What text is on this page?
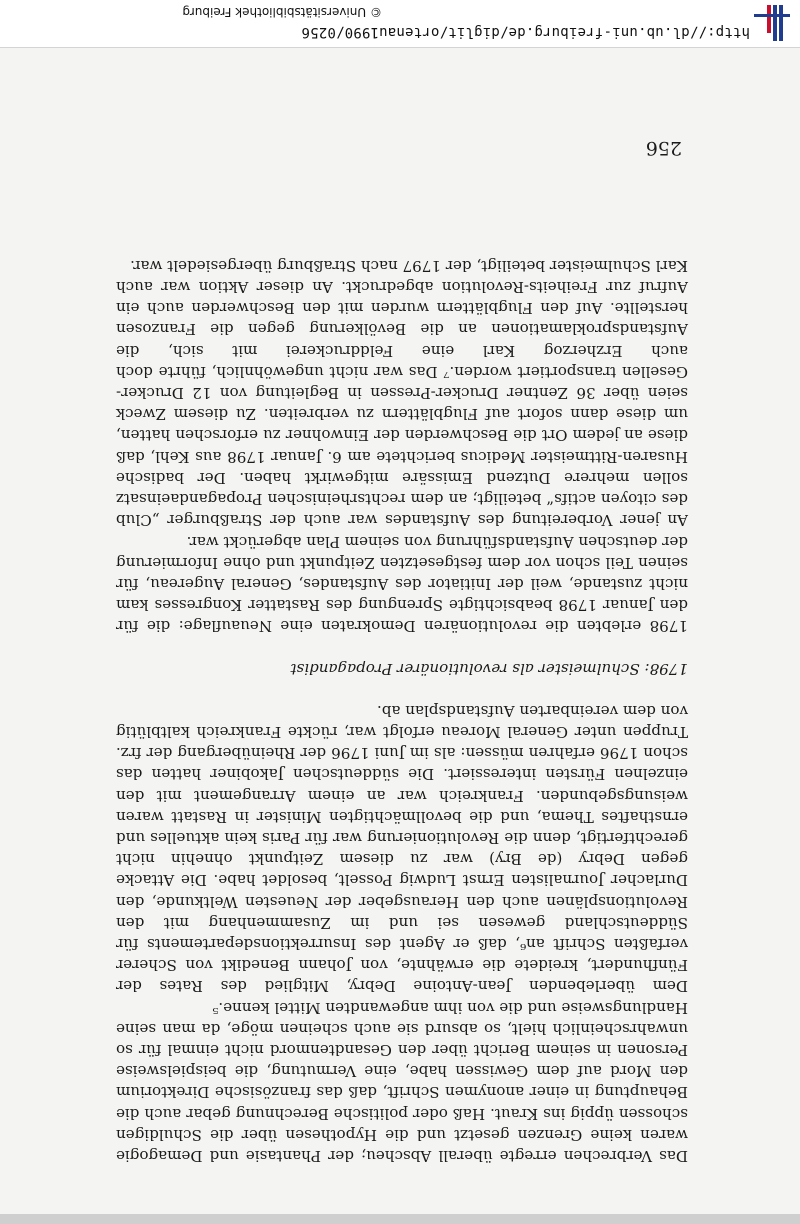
Das Verbrechen erregte überall Abscheu; der Phantasie und Demagogie waren keine Grenzen gesetzt und die Hypothesen über die Schuldigen schossen üppig ins Kraut. Haß oder politische Berechnung gebar auch die Behauptung in einer anonymen Schrift, daß das französische Direktorium den Mord auf dem Gewissen habe, eine Vermutung, die beispielsweise Personen in seinem Bericht über den Gesandtenmord nicht einmal für so unwahrscheinlich hielt, so absurd sie auch scheinen möge, da man seine Handlungsweise und die von ihm angewandten Mittel kenne.⁵

Dem überlebenden Jean-Antoine Debry, Mitglied des Rates der Fünfhundert, kreidete die erwähnte, von Johann Benedikt von Scherer verfaßten Schrift an⁶, daß er Agent des Insurrektionsdepartements für Süddeutschland gewesen sei und im Zusammenhang mit den Revolutionsplänen auch den Herausgeber der Neuesten Weltkunde, den Durlacher Journalisten Ernst Ludwig Posselt, besoldet habe. Die Attacke gegen Debry (de Bry) war zu diesem Zeitpunkt ohnehin nicht gerechtfertigt, denn die Revolutionierung war für Paris kein aktuelles und ernsthaftes Thema, und die bevollmächtigten Minister in Rastatt waren weisungsgebunden. Frankreich war an einem Arrangement mit den einzelnen Fürsten interessiert. Die süddeutschen Jakobiner hatten das schon 1796 erfahren müssen: als im Juni 1796 der Rheinübergang der frz. Truppen unter General Moreau erfolgt war, rückte Frankreich kaltblütig von dem vereinbarten Aufstandsplan ab.

1798: Schulmeister als revolutionärer Propagandist

1798 erlebten die revolutionären Demokraten eine Neuauflage: die für den Januar 1798 beabsichtigte Sprengung des Rastatter Kongresses kam nicht zustande, weil der Initiator des Aufstandes, General Augereau, für seinen Teil schon vor dem festgesetzten Zeitpunkt und ohne Informierung der deutschen Aufstandsführung von seinem Plan abgerückt war.

An jener Vorbereitung des Aufstandes war auch der Straßburger „Club des citoyen actifs“ beteiligt; an dem rechtsrheinischen Propagandaeinsatz sollen mehrere Dutzend Emissäre mitgewirkt haben. Der badische Husaren-Rittmeister Medicus berichtete am 6. Januar 1798 aus Kehl, daß diese an jedem Ort die Beschwerden der Einwohner zu erforschen hatten, um diese dann sofort auf Flugblättern zu verbreiten. Zu diesem Zweck seien über 36 Zentner Drucker-Pressen in Begleitung von 12 Drucker-Gesellen transportiert worden.⁷ Das war nicht ungewöhnlich, führte doch auch Erzherzog Karl eine Felddruckerei mit sich, die Aufstandsproklamationen an die Bevölkerung gegen die Franzosen herstellte. Auf den Flugblättern wurden mit den Beschwerden auch ein Aufruf zur Freiheits-Revolution abgedruckt. An dieser Aktion war auch Karl Schulmeister beteiligt, der 1797 nach Straßburg übergesiedelt war.

256
http://dl.ub.uni-freiburg.de/diglit/ortenau1990/0256
© Universitätsbibliothek Freiburg
